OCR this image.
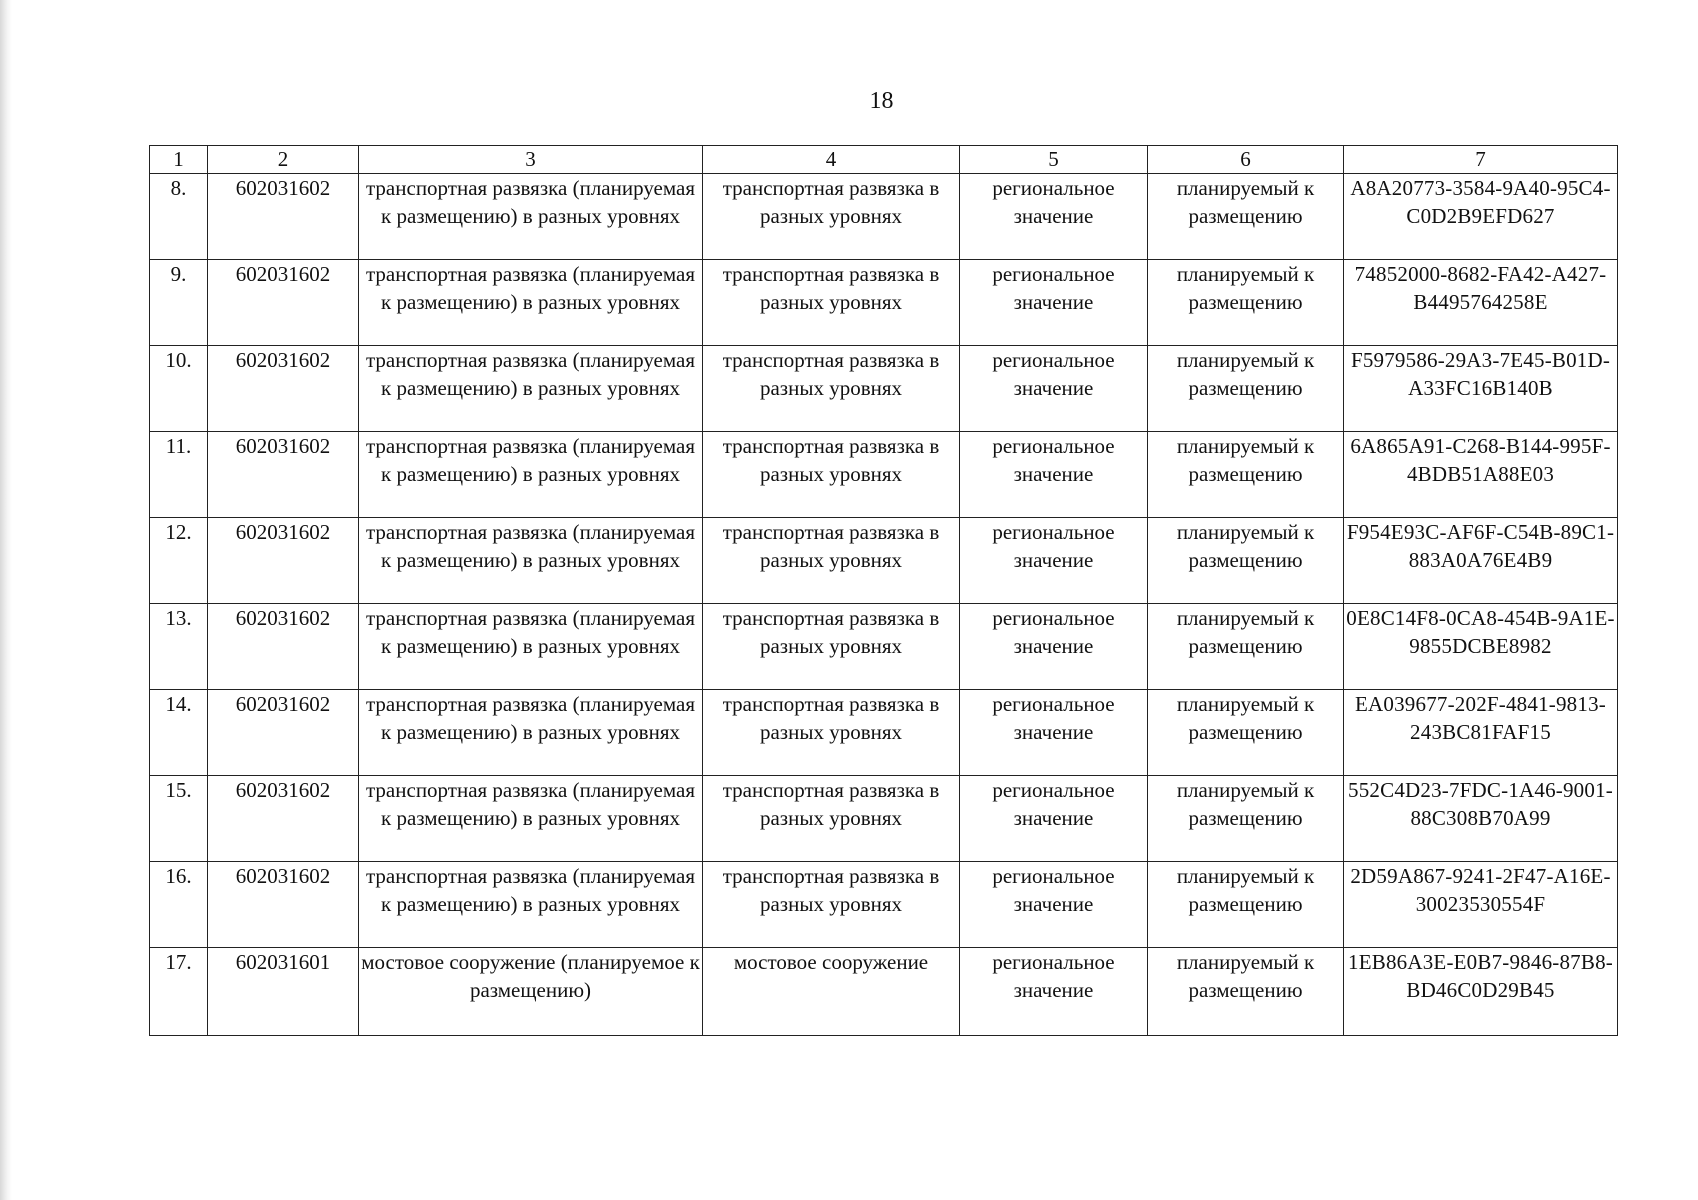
18
1	2	3	4	5	6	7
8.	602031602	транспортная развязка (планируемая к размещению) в разных уровнях	транспортная развязка в разных уровнях	региональное значение	планируемый к размещению	A8A20773-3584-9A40-95C4-C0D2B9EFD627
9.	602031602	транспортная развязка (планируемая к размещению) в разных уровнях	транспортная развязка в разных уровнях	региональное значение	планируемый к размещению	74852000-8682-FA42-A427-B4495764258E
10.	602031602	транспортная развязка (планируемая к размещению) в разных уровнях	транспортная развязка в разных уровнях	региональное значение	планируемый к размещению	F5979586-29A3-7E45-B01D-A33FC16B140B
11.	602031602	транспортная развязка (планируемая к размещению) в разных уровнях	транспортная развязка в разных уровнях	региональное значение	планируемый к размещению	6A865A91-C268-B144-995F-4BDB51A88E03
12.	602031602	транспортная развязка (планируемая к размещению) в разных уровнях	транспортная развязка в разных уровнях	региональное значение	планируемый к размещению	F954E93C-AF6F-C54B-89C1-883A0A76E4B9
13.	602031602	транспортная развязка (планируемая к размещению) в разных уровнях	транспортная развязка в разных уровнях	региональное значение	планируемый к размещению	0E8C14F8-0CA8-454B-9A1E-9855DCBE8982
14.	602031602	транспортная развязка (планируемая к размещению) в разных уровнях	транспортная развязка в разных уровнях	региональное значение	планируемый к размещению	EA039677-202F-4841-9813-243BC81FAF15
15.	602031602	транспортная развязка (планируемая к размещению) в разных уровнях	транспортная развязка в разных уровнях	региональное значение	планируемый к размещению	552C4D23-7FDC-1A46-9001-88C308B70A99
16.	602031602	транспортная развязка (планируемая к размещению) в разных уровнях	транспортная развязка в разных уровнях	региональное значение	планируемый к размещению	2D59A867-9241-2F47-A16E-30023530554F
17.	602031601	мостовое сооружение (планируемое к размещению)	мостовое сооружение	региональное значение	планируемый к размещению	1EB86A3E-E0B7-9846-87B8-BD46C0D29B45
